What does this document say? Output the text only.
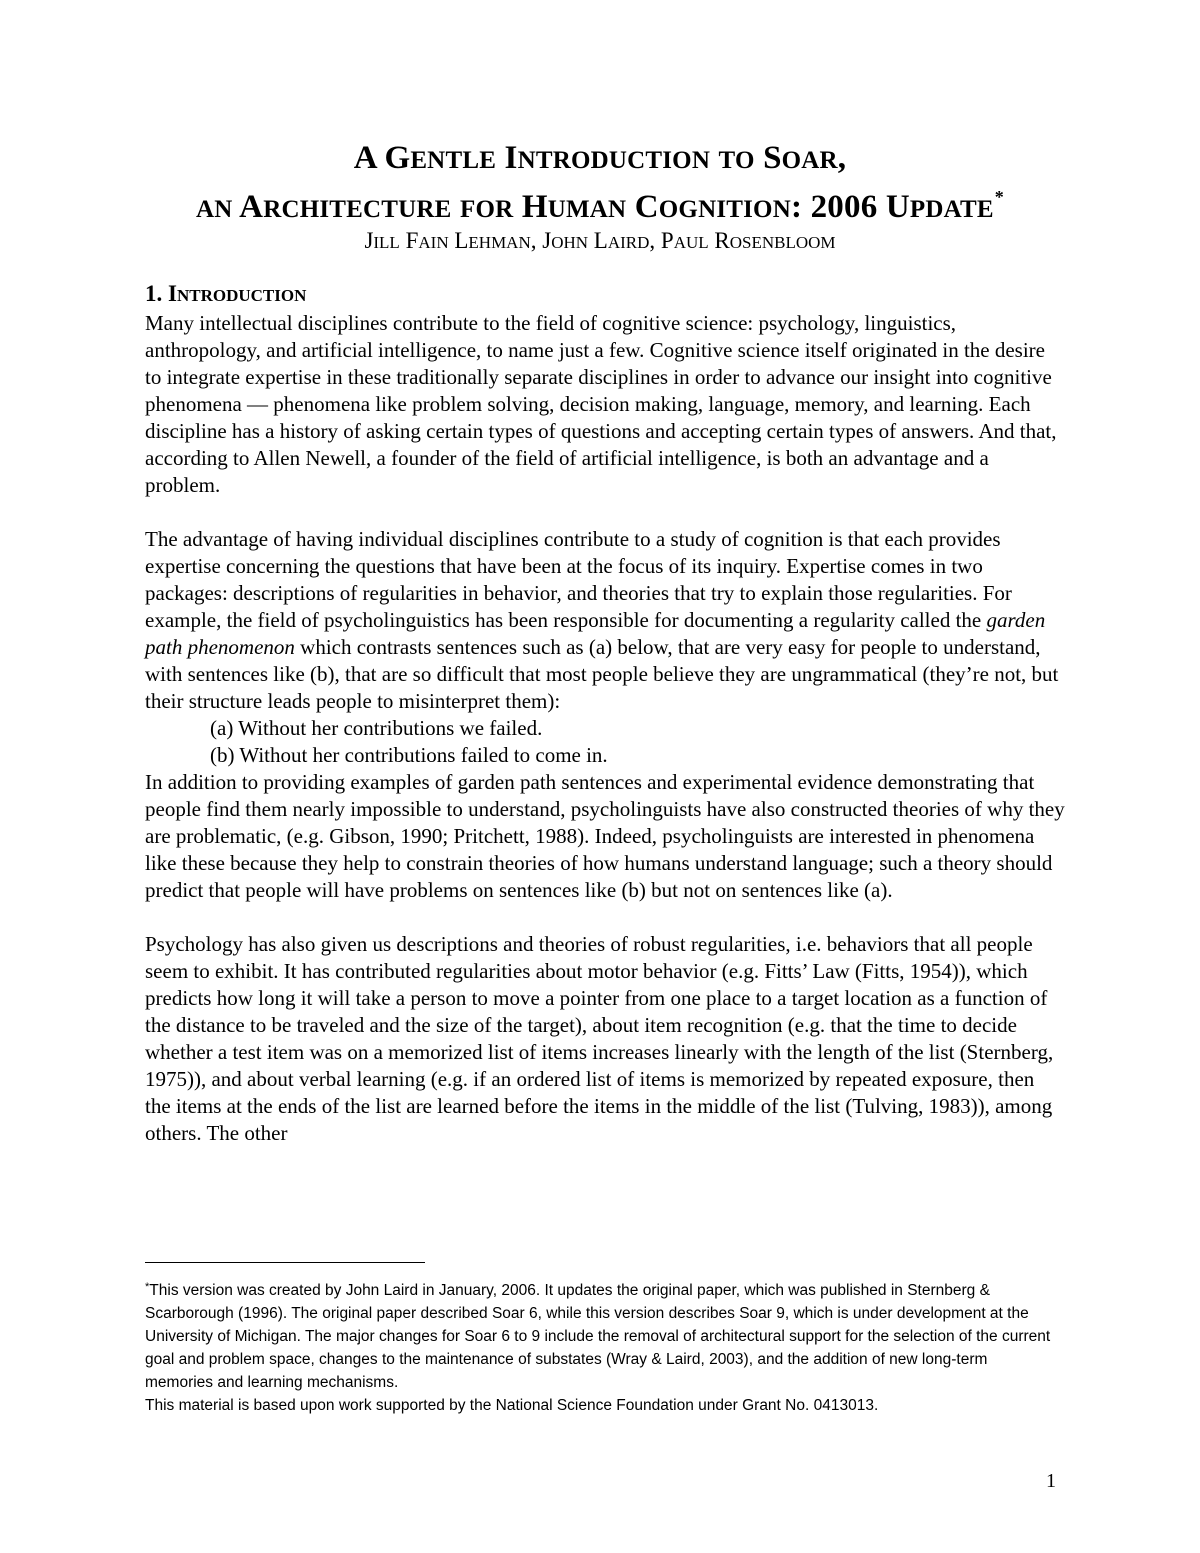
A GENTLE INTRODUCTION TO SOAR,
AN ARCHITECTURE FOR HUMAN COGNITION: 2006 UPDATE*
JILL FAIN LEHMAN, JOHN LAIRD, PAUL ROSENBLOOM
1. INTRODUCTION

Many intellectual disciplines contribute to the field of cognitive science: psychology, linguistics, anthropology, and artificial intelligence, to name just a few. Cognitive science itself originated in the desire to integrate expertise in these traditionally separate disciplines in order to advance our insight into cognitive phenomena — phenomena like problem solving, decision making, language, memory, and learning. Each discipline has a history of asking certain types of questions and accepting certain types of answers. And that, according to Allen Newell, a founder of the field of artificial intelligence, is both an advantage and a problem.

The advantage of having individual disciplines contribute to a study of cognition is that each provides expertise concerning the questions that have been at the focus of its inquiry. Expertise comes in two packages: descriptions of regularities in behavior, and theories that try to explain those regularities. For example, the field of psycholinguistics has been responsible for documenting a regularity called the garden path phenomenon which contrasts sentences such as (a) below, that are very easy for people to understand, with sentences like (b), that are so difficult that most people believe they are ungrammatical (they’re not, but their structure leads people to misinterpret them):

(a) Without her contributions we failed.

(b) Without her contributions failed to come in.

In addition to providing examples of garden path sentences and experimental evidence demonstrating that people find them nearly impossible to understand, psycholinguists have also constructed theories of why they are problematic, (e.g. Gibson, 1990; Pritchett, 1988). Indeed, psycholinguists are interested in phenomena like these because they help to constrain theories of how humans understand language; such a theory should predict that people will have problems on sentences like (b) but not on sentences like (a).

Psychology has also given us descriptions and theories of robust regularities, i.e. behaviors that all people seem to exhibit. It has contributed regularities about motor behavior (e.g. Fitts’ Law (Fitts, 1954)), which predicts how long it will take a person to move a pointer from one place to a target location as a function of the distance to be traveled and the size of the target), about item recognition (e.g. that the time to decide whether a test item was on a memorized list of items increases linearly with the length of the list (Sternberg, 1975)), and about verbal learning (e.g. if an ordered list of items is memorized by repeated exposure, then the items at the ends of the list are learned before the items in the middle of the list (Tulving, 1983)), among others. The other

*This version was created by John Laird in January, 2006. It updates the original paper, which was published in Sternberg & Scarborough (1996). The original paper described Soar 6, while this version describes Soar 9, which is under development at the University of Michigan. The major changes for Soar 6 to 9 include the removal of architectural support for the selection of the current goal and problem space, changes to the maintenance of substates (Wray & Laird, 2003), and the addition of new long-term memories and learning mechanisms.

This material is based upon work supported by the National Science Foundation under Grant No. 0413013.

1
